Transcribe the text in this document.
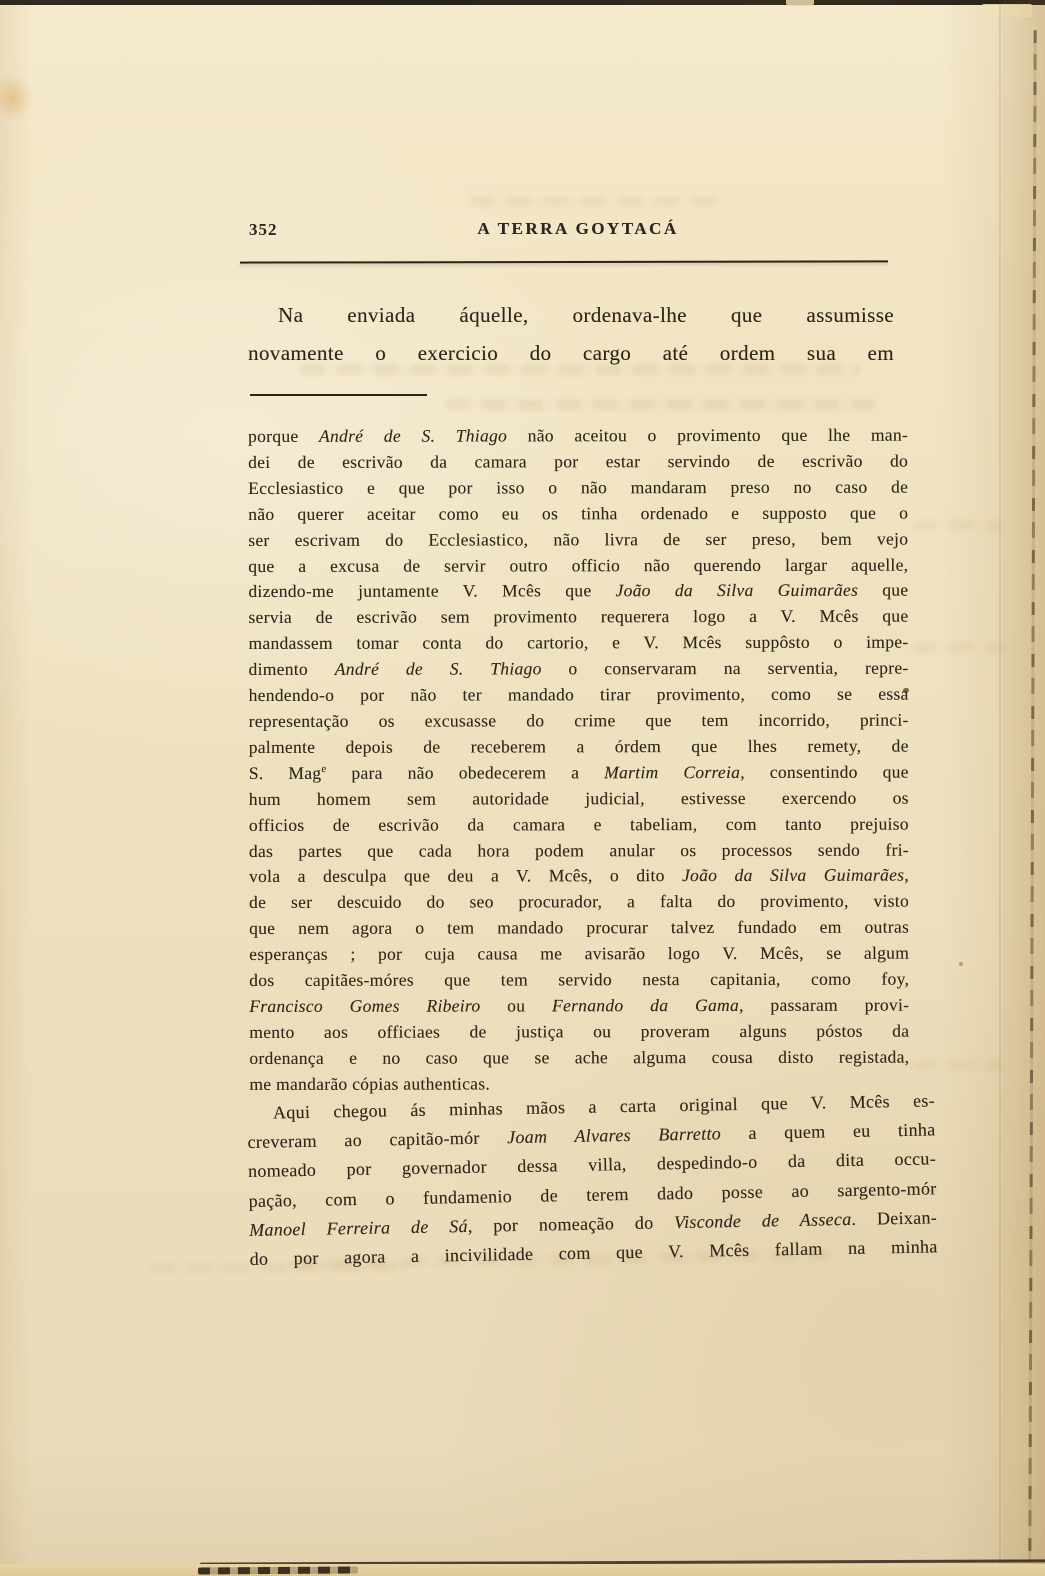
352	A TERRA GOYTACÁ
Na enviada áquelle, ordenava-lhe que assumisse
novamente o exercicio do cargo até ordem sua em
porque André de S. Thiago não aceitou o provimento que lhe man-
dei de escrivão da camara por estar servindo de escrivão do
Ecclesiastico e que por isso o não mandaram preso no caso de
não querer aceitar como eu os tinha ordenado e supposto que o
ser escrivam do Ecclesiastico, não livra de ser preso, bem vejo
que a excusa de servir outro officio não querendo largar aquelle,
dizendo-me juntamente V. Mcês que João da Silva Guimarães que
servia de escrivão sem provimento requerera logo a V. Mcês que
mandassem tomar conta do cartorio, e V. Mcês suppôsto o impe-
dimento André de S. Thiago o conservaram na serventia, repre-
hendendo-o por não ter mandado tirar provimento, como se essa
representação os excusasse do crime que tem incorrido, princi-
palmente depois de receberem a órdem que lhes remety, de
S. Mag$^e$ para não obedecerem a Martim Correia, consentindo que
hum homem sem autoridade judicial, estivesse exercendo os
officios de escrivão da camara e tabeliam, com tanto prejuiso
das partes que cada hora podem anular os processos sendo fri-
vola a desculpa que deu a V. Mcês, o dito João da Silva Guimarães,
de ser descuido do seo procurador, a falta do provimento, visto
que nem agora o tem mandado procurar talvez fundado em outras
esperanças ; por cuja causa me avisarão logo V. Mcês, se algum
dos capitães-móres que tem servido nesta capitania, como foy,
Francisco Gomes Ribeiro ou Fernando da Gama, passaram provi-
mento aos officiaes de justiça ou proveram alguns póstos da
ordenança e no caso que se ache alguma cousa disto registada,
me mandarão cópias authenticas.
Aqui chegou ás minhas mãos a carta original que V. Mcês es-
creveram ao capitão-mór Joam Alvares Barretto a quem eu tinha
nomeado por governador dessa villa, despedindo-o da dita occu-
pação, com o fundamenio de terem dado posse ao sargento-mór
Manoel Ferreira de Sá, por nomeação do Visconde de Asseca. Deixan-
do por agora a incivilidade com que V. Mcês fallam na minha
